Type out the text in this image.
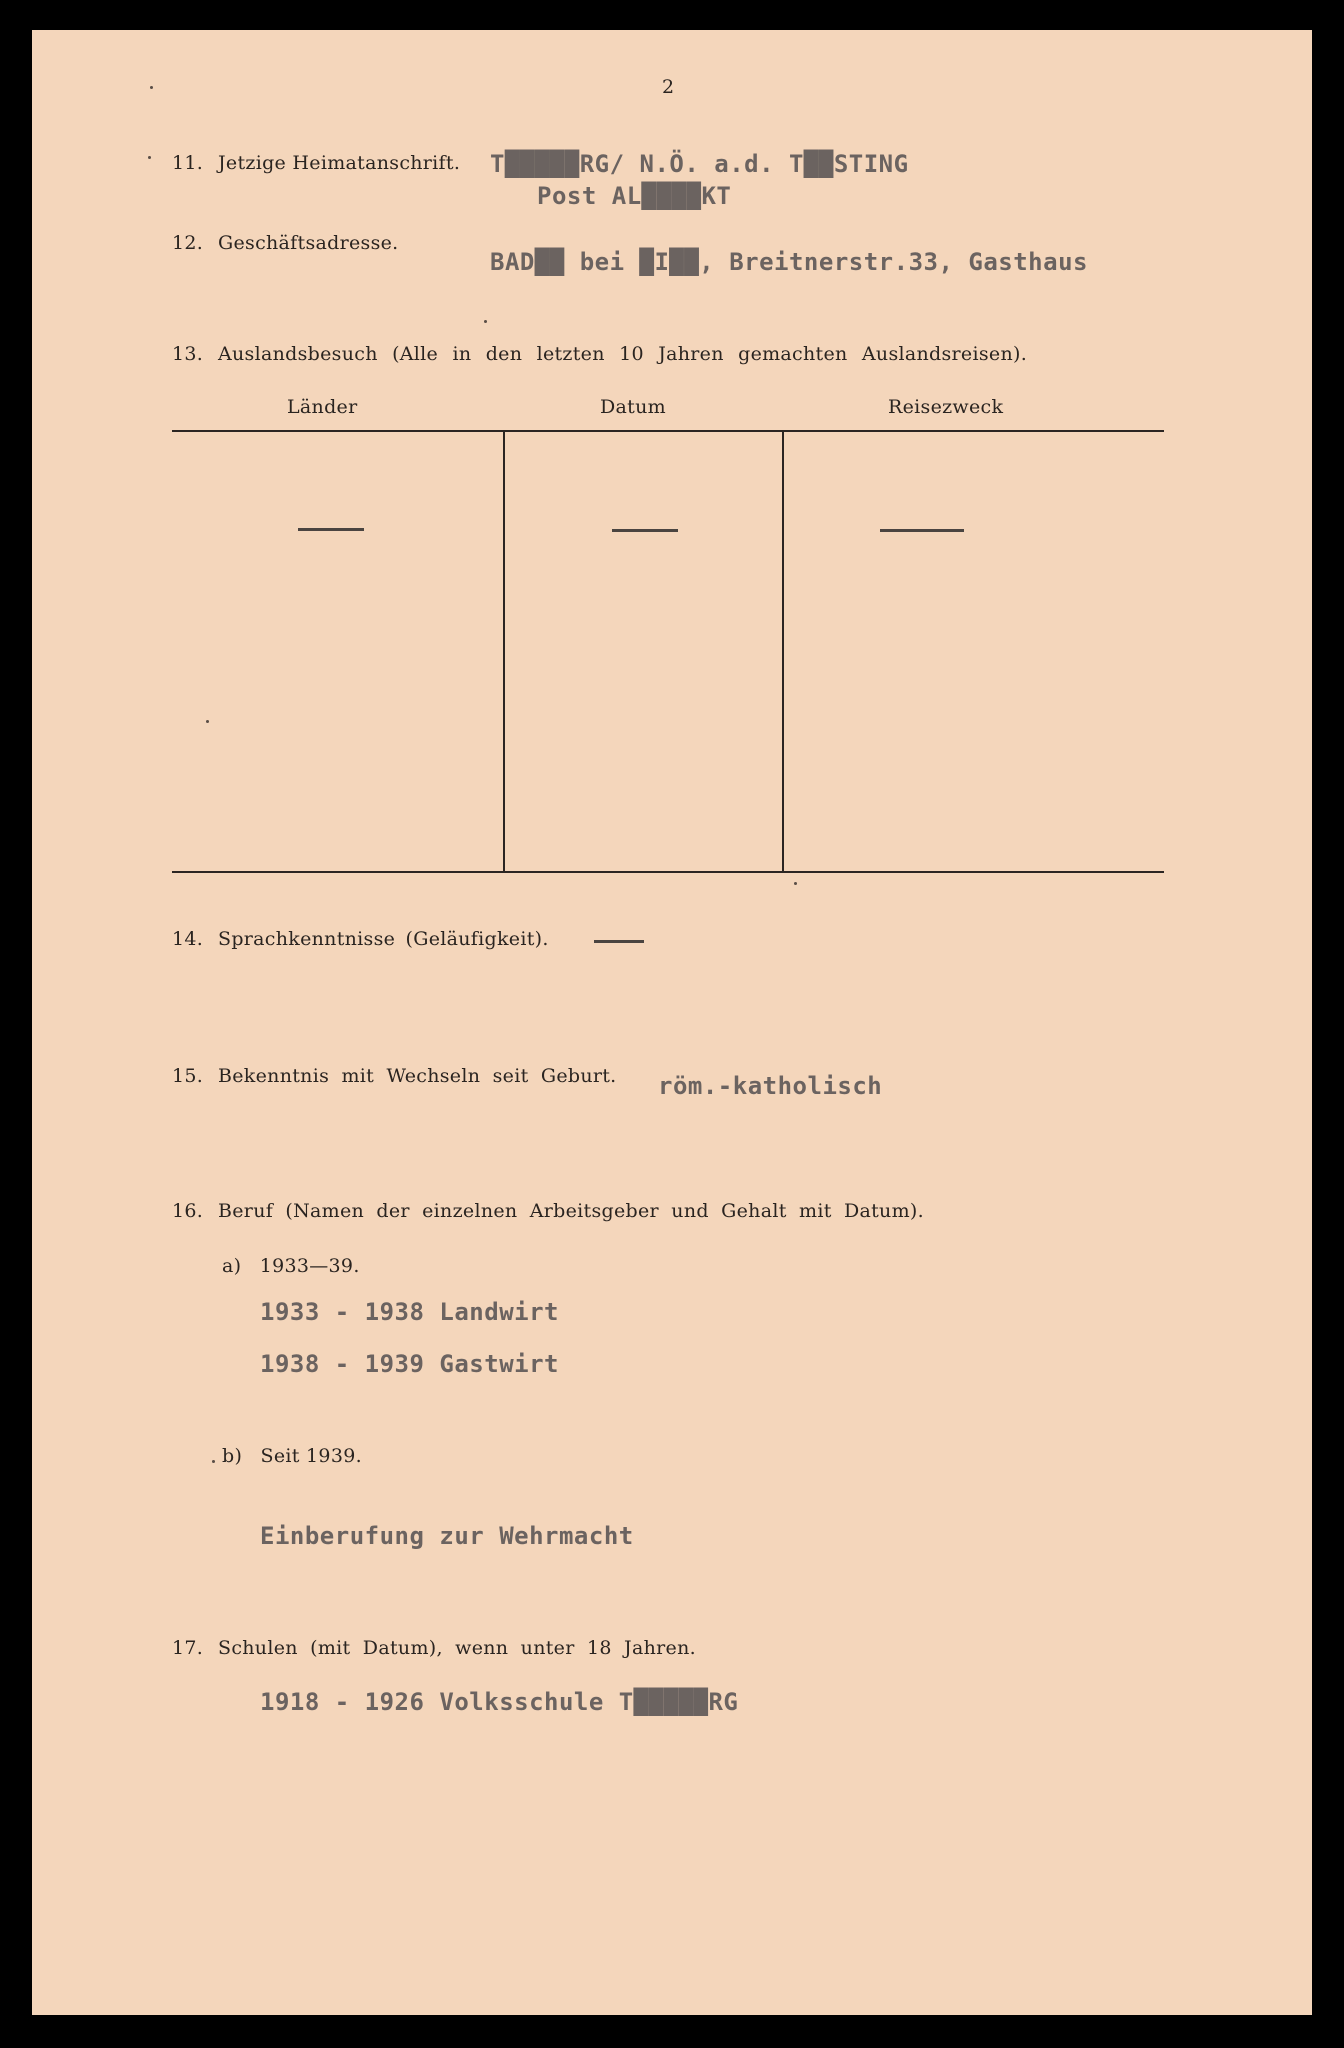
2
11. Jetzige Heimatanschrift. T█████RG/ N.Ö. a.d. T██STING
Post AL████KT
12. Geschäftsadresse.
BAD██ bei █I██, Breitnerstr.33, Gasthaus
13. Auslandsbesuch (Alle in den letzten 10 Jahren gemachten Auslandsreisen).
Länder	Datum	Reisezweck
14. Sprachkenntnisse (Geläufigkeit).
15. Bekenntnis mit Wechseln seit Geburt. röm.-katholisch
16. Beruf (Namen der einzelnen Arbeitsgeber und Gehalt mit Datum).
a) 1933—39.
1933 - 1938 Landwirt
1938 - 1939 Gastwirt
b) Seit 1939.
Einberufung zur Wehrmacht
17. Schulen (mit Datum), wenn unter 18 Jahren.
1918 - 1926 Volksschule T█████RG
